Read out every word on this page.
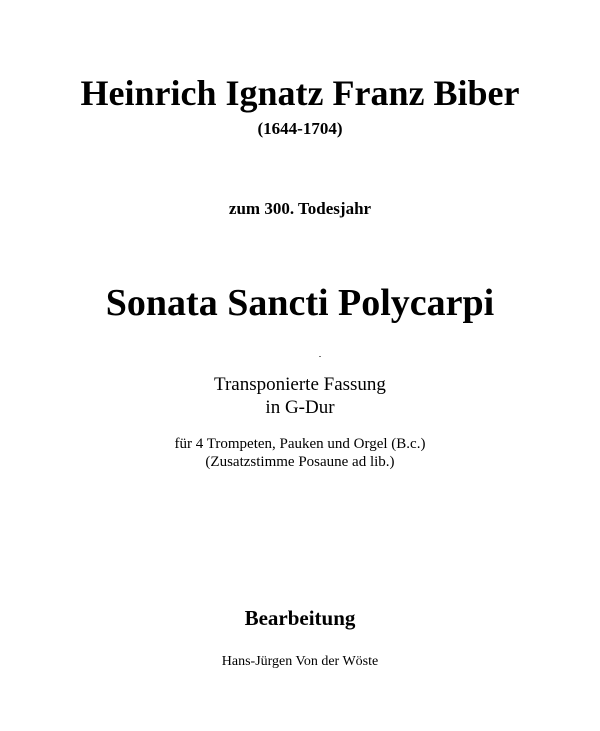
Heinrich Ignatz Franz Biber
(1644-1704)
zum 300. Todesjahr
Sonata Sancti Polycarpi
Transponierte Fassung
in G-Dur
für 4 Trompeten, Pauken und Orgel (B.c.)
(Zusatzstimme Posaune ad lib.)
Bearbeitung
Hans-Jürgen Von der Wöste
